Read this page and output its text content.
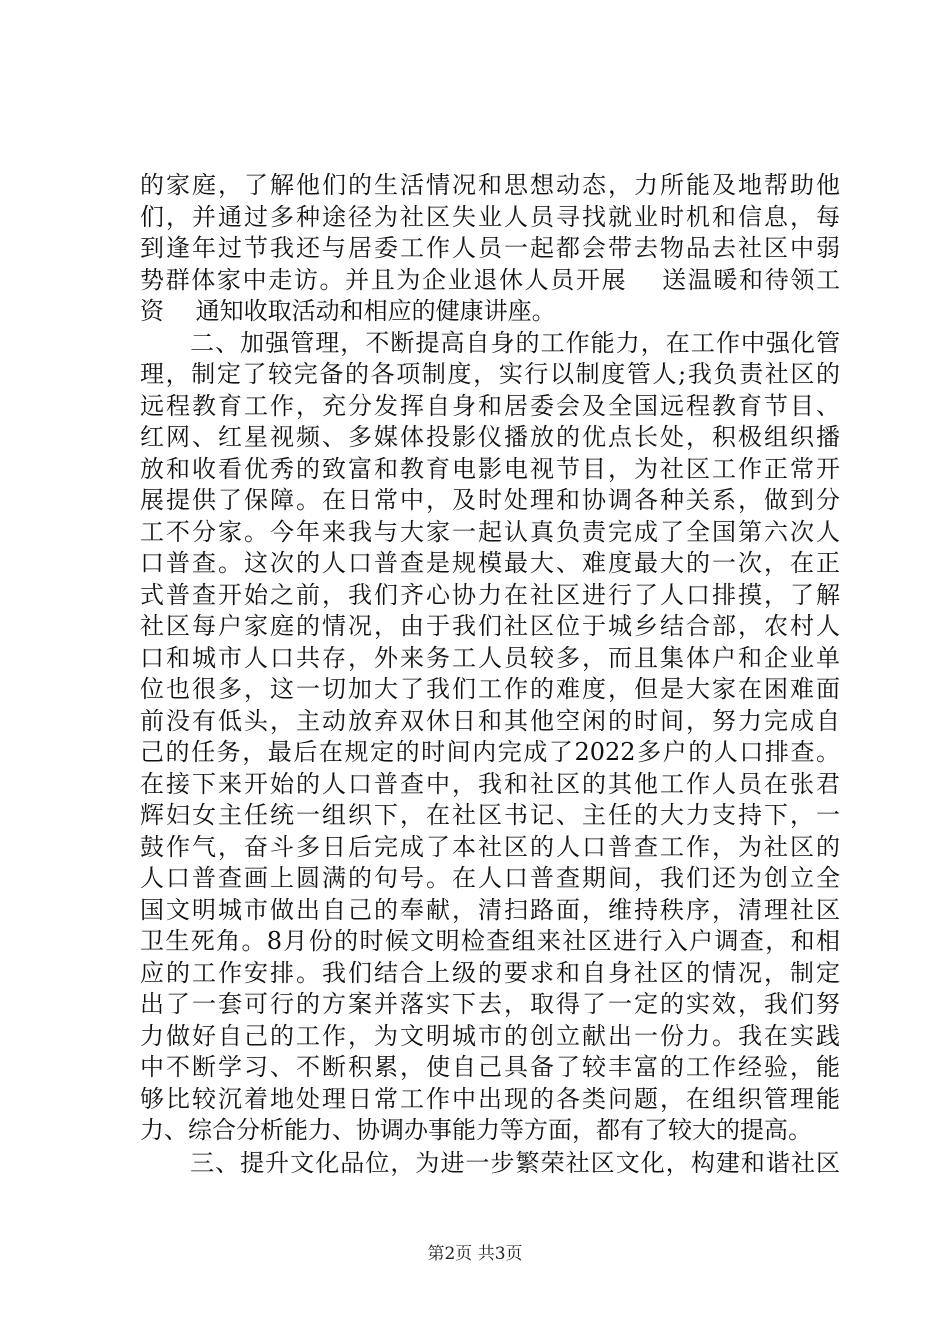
的家庭，了解他们的生活情况和思想动态，力所能及地帮助他
们，并通过多种途径为社区失业人员寻找就业时机和信息，每
到逢年过节我还与居委工作人员一起都会带去物品去社区中弱
势群体家中走访。并且为企业退休人员开展　 送温暖和待领工
资　 通知收取活动和相应的健康讲座。
　　二、加强管理，不断提高自身的工作能力，在工作中强化管
理，制定了较完备的各项制度，实行以制度管人;我负责社区的
远程教育工作，充分发挥自身和居委会及全国远程教育节目、
红网、红星视频、多媒体投影仪播放的优点长处，积极组织播
放和收看优秀的致富和教育电影电视节目，为社区工作正常开
展提供了保障。在日常中，及时处理和协调各种关系，做到分
工不分家。今年来我与大家一起认真负责完成了全国第六次人
口普查。这次的人口普查是规模最大、难度最大的一次，在正
式普查开始之前，我们齐心协力在社区进行了人口排摸，了解
社区每户家庭的情况，由于我们社区位于城乡结合部，农村人
口和城市人口共存，外来务工人员较多，而且集体户和企业单
位也很多，这一切加大了我们工作的难度，但是大家在困难面
前没有低头，主动放弃双休日和其他空闲的时间，努力完成自
己的任务，最后在规定的时间内完成了2022多户的人口排查。
在接下来开始的人口普查中，我和社区的其他工作人员在张君
辉妇女主任统一组织下，在社区书记、主任的大力支持下，一
鼓作气，奋斗多日后完成了本社区的人口普查工作，为社区的
人口普查画上圆满的句号。在人口普查期间，我们还为创立全
国文明城市做出自己的奉献，清扫路面，维持秩序，清理社区
卫生死角。8月份的时候文明检查组来社区进行入户调查，和相
应的工作安排。我们结合上级的要求和自身社区的情况，制定
出了一套可行的方案并落实下去，取得了一定的实效，我们努
力做好自己的工作，为文明城市的创立献出一份力。我在实践
中不断学习、不断积累，使自己具备了较丰富的工作经验，能
够比较沉着地处理日常工作中出现的各类问题，在组织管理能
力、综合分析能力、协调办事能力等方面，都有了较大的提高。
　　三、提升文化品位，为进一步繁荣社区文化，构建和谐社区
第2页 共3页
